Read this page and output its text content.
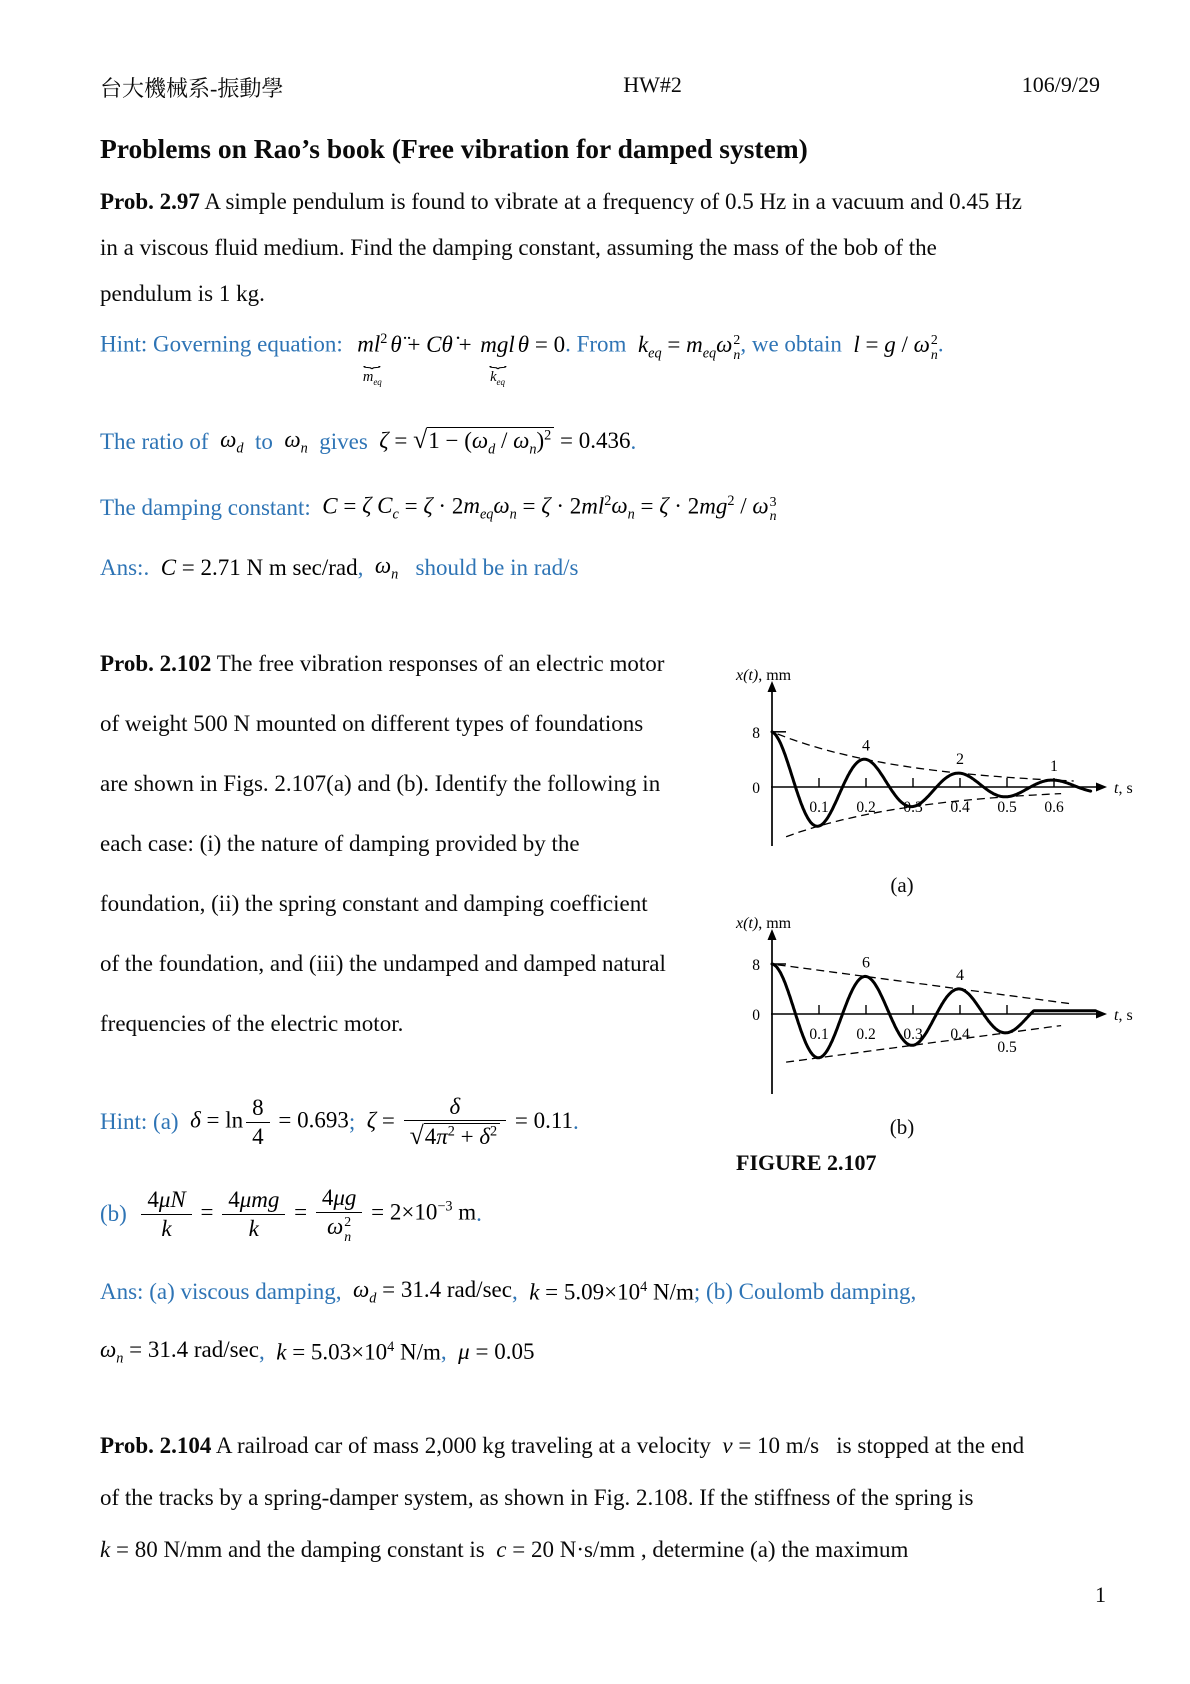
台大機械系-振動學	HW#2	106/9/29
Problems on Rao’s book (Free vibration for damped system)
Prob. 2.97 A simple pendulum is found to vibrate at a frequency of 0.5 Hz in a vacuum and 0.45 Hz
in a viscous fluid medium. Find the damping constant, assuming the mass of the bob of the
pendulum is 1 kg.
Hint: Governing equation: $ml^2$
⏟
$m_{eq}$
θ̈ + Cθ̇ + mgl
⏟
$k_{eq}$
θ = 0. From $k_{eq} = m_{eq}\omega$ 2
n , we obtain l = g / ω 2
n .
The ratio of  $\omega_d$  to  $\omega_n$  gives  $\zeta = √1 - (\omega_d / \omega_n)^2 = 0.436$ .
The damping constant:  C = ζ $C_c = \zeta \cdot 2m_{eq}\omega_n = \zeta \cdot 2ml^2\omega_n = \zeta \cdot 2mg^2 / \omega$ 3
n
Ans:.  C = 2.71 N m sec/rad ,  $\omega_n$   should be in rad/s
Prob. 2.102 The free vibration responses of an electric motor
of weight 500 N mounted on different types of foundations
are shown in Figs. 2.107(a) and (b). Identify the following in
each case: (i) the nature of damping provided by the
foundation, (ii) the spring constant and damping coefficient
of the foundation, and (iii) the undamped and damped natural
frequencies of the electric motor.
Hint: (a)  $\delta = \ln \frac{8}{4} = 0.693$ ;  $\zeta = \frac{\delta}{√4\pi^2 + \delta^2} = 0.11$ .
(b)  $\frac{4\mu N}{k} = \frac{\text{4μmg}}{k} = 4\mu g$
ω 2
$n = 2\times 10^{-3}$ m .
x(t), mm
t, s
8
0
0.1 0.2 0.3 0.4 0.5 0.6
4
2	1
(a)
x(t), mm
t, s
8
0
0.1 0.2 0.3 0.4
0.5
6
4
(b)
FIGURE 2.107
Ans: (a) viscous damping,  $\omega_d = 31.4$ rad/sec ,  $k = 5.09\times 10^4$ N/m ; (b) Coulomb damping,
$\omega_n = 31.4$ rad/sec ,  $k = 5.03\times 10^4$ N/m ,  μ = 0.05
Prob. 2.104 A railroad car of mass 2,000 kg traveling at a velocity v = 10 m/s  is stopped at the end
of the tracks by a spring-damper system, as shown in Fig. 2.108. If the stiffness of the spring is
k = 80 N/mm and the damping constant is c = 20 N·s/mm , determine (a) the maximum
1
